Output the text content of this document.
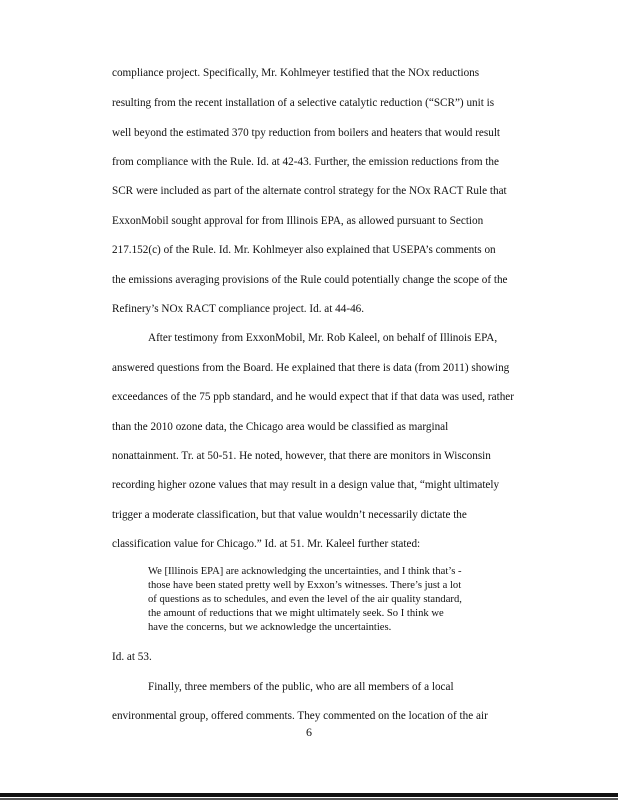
compliance project. Specifically, Mr. Kohlmeyer testified that the NOx reductions
resulting from the recent installation of a selective catalytic reduction (“SCR”) unit is
well beyond the estimated 370 tpy reduction from boilers and heaters that would result
from compliance with the Rule. Id. at 42-43. Further, the emission reductions from the
SCR were included as part of the alternate control strategy for the NOx RACT Rule that
ExxonMobil sought approval for from Illinois EPA, as allowed pursuant to Section
217.152(c) of the Rule. Id. Mr. Kohlmeyer also explained that USEPA’s comments on
the emissions averaging provisions of the Rule could potentially change the scope of the
Refinery’s NOx RACT compliance project. Id. at 44-46.
After testimony from ExxonMobil, Mr. Rob Kaleel, on behalf of Illinois EPA,
answered questions from the Board. He explained that there is data (from 2011) showing
exceedances of the 75 ppb standard, and he would expect that if that data was used, rather
than the 2010 ozone data, the Chicago area would be classified as marginal
nonattainment. Tr. at 50-51. He noted, however, that there are monitors in Wisconsin
recording higher ozone values that may result in a design value that, “might ultimately
trigger a moderate classification, but that value wouldn’t necessarily dictate the
classification value for Chicago.” Id. at 51. Mr. Kaleel further stated:
We [Illinois EPA] are acknowledging the uncertainties, and I think that’s -
those have been stated pretty well by Exxon’s witnesses. There’s just a lot
of questions as to schedules, and even the level of the air quality standard,
the amount of reductions that we might ultimately seek. So I think we
have the concerns, but we acknowledge the uncertainties.
Id. at 53.
Finally, three members of the public, who are all members of a local
environmental group, offered comments. They commented on the location of the air
6
